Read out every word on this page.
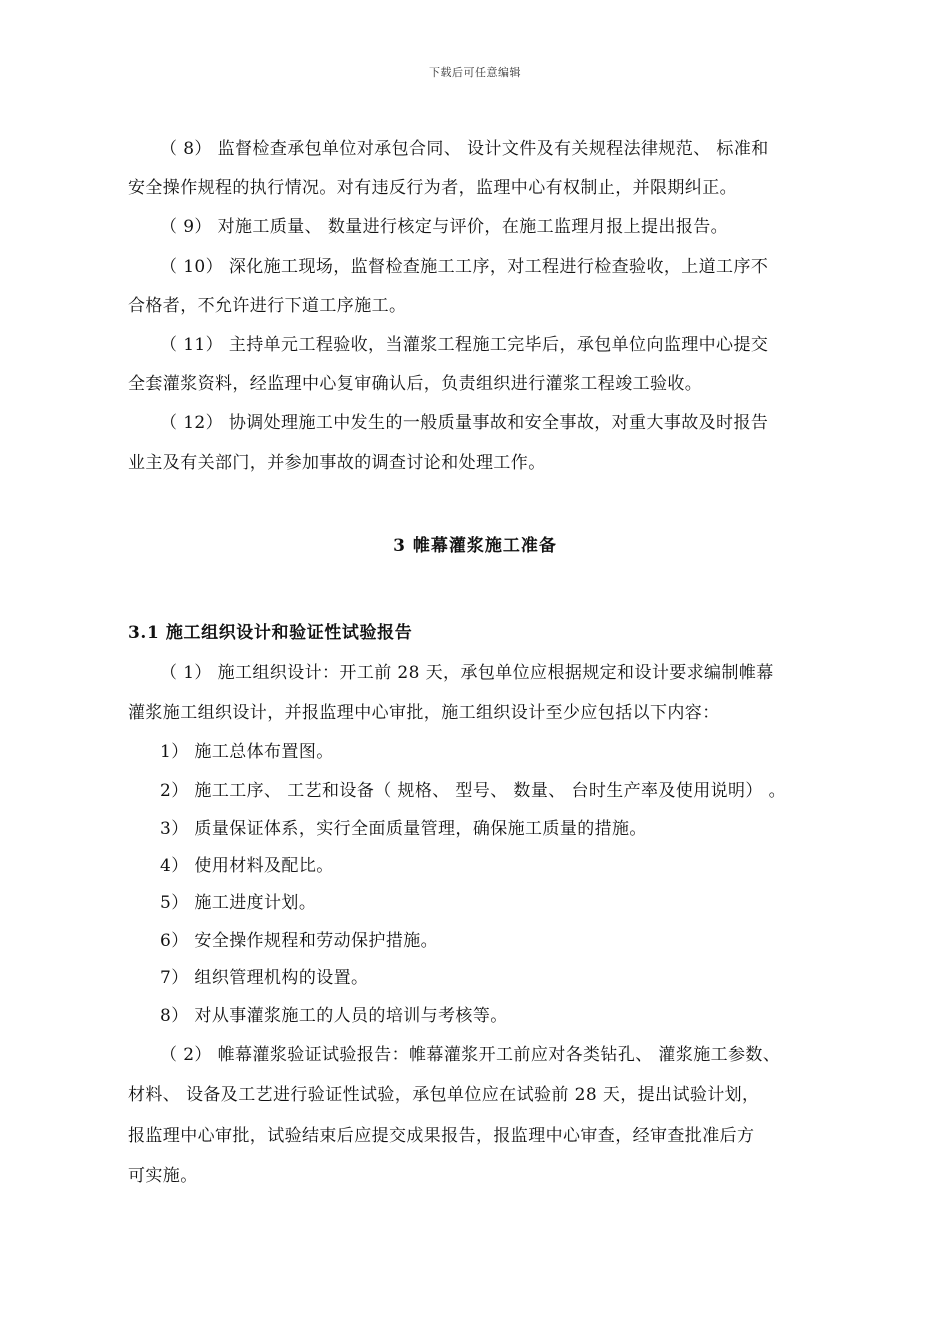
下载后可任意编辑
（ 8） 监督检查承包单位对承包合同、 设计文件及有关规程法律规范、 标准和
安全操作规程的执行情况。对有违反行为者，监理中心有权制止，并限期纠正。
（ 9） 对施工质量、 数量进行核定与评价，在施工监理月报上提出报告。
（ 10） 深化施工现场，监督检查施工工序，对工程进行检查验收，上道工序不
合格者，不允许进行下道工序施工。
（ 11） 主持单元工程验收，当灌浆工程施工完毕后，承包单位向监理中心提交
全套灌浆资料，经监理中心复审确认后，负责组织进行灌浆工程竣工验收。
（ 12） 协调处理施工中发生的一般质量事故和安全事故，对重大事故及时报告
业主及有关部门，并参加事故的调查讨论和处理工作。
3 帷幕灌浆施工准备
3.1 施工组织设计和验证性试验报告
（ 1） 施工组织设计：开工前 28 天，承包单位应根据规定和设计要求编制帷幕
灌浆施工组织设计，并报监理中心审批，施工组织设计至少应包括以下内容：
1） 施工总体布置图。
2） 施工工序、 工艺和设备（ 规格、 型号、 数量、 台时生产率及使用说明） 。
3） 质量保证体系，实行全面质量管理，确保施工质量的措施。
4） 使用材料及配比。
5） 施工进度计划。
6） 安全操作规程和劳动保护措施。
7） 组织管理机构的设置。
8） 对从事灌浆施工的人员的培训与考核等。
（ 2） 帷幕灌浆验证试验报告：帷幕灌浆开工前应对各类钻孔、 灌浆施工参数、
材料、 设备及工艺进行验证性试验，承包单位应在试验前 28 天，提出试验计划，
报监理中心审批，试验结束后应提交成果报告，报监理中心审查，经审查批准后方
可实施。
